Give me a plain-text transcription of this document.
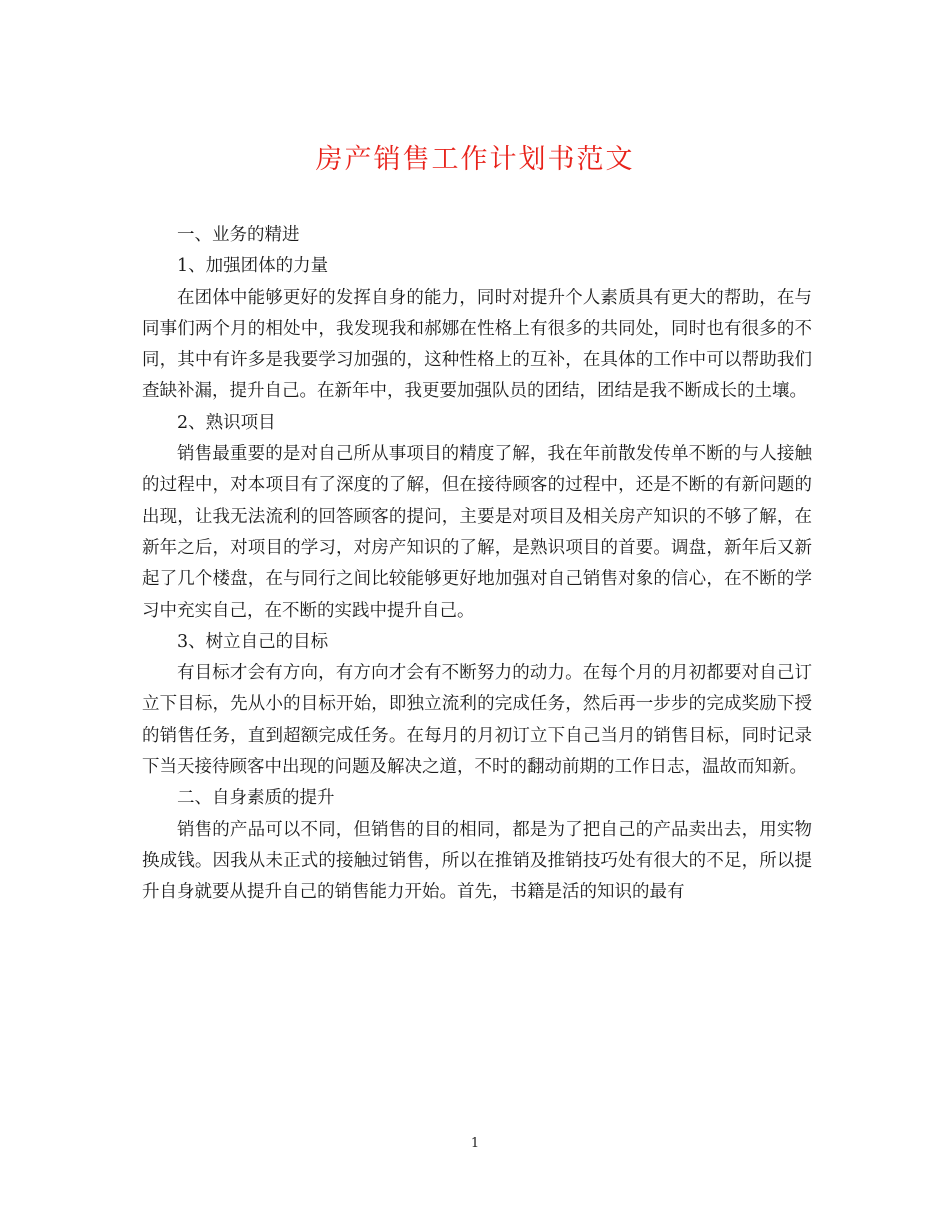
房产销售工作计划书范文

一、业务的精进

1、加强团体的力量

在团体中能够更好的发挥自身的能力，同时对提升个人素质具有更大的帮助，在与同事们两个月的相处中，我发现我和郝娜在性格上有很多的共同处，同时也有很多的不同，其中有许多是我要学习加强的，这种性格上的互补，在具体的工作中可以帮助我们查缺补漏，提升自己。在新年中，我更要加强队员的团结，团结是我不断成长的土壤。

2、熟识项目

销售最重要的是对自己所从事项目的精度了解，我在年前散发传单不断的与人接触的过程中，对本项目有了深度的了解，但在接待顾客的过程中，还是不断的有新问题的出现，让我无法流利的回答顾客的提问，主要是对项目及相关房产知识的不够了解，在新年之后，对项目的学习，对房产知识的了解，是熟识项目的首要。调盘，新年后又新起了几个楼盘，在与同行之间比较能够更好地加强对自己销售对象的信心，在不断的学习中充实自己，在不断的实践中提升自己。

3、树立自己的目标

有目标才会有方向，有方向才会有不断努力的动力。在每个月的月初都要对自己订立下目标，先从小的目标开始，即独立流利的完成任务，然后再一步步的完成奖励下授的销售任务，直到超额完成任务。在每月的月初订立下自己当月的销售目标，同时记录下当天接待顾客中出现的问题及解决之道，不时的翻动前期的工作日志，温故而知新。

二、自身素质的提升

销售的产品可以不同，但销售的目的相同，都是为了把自己的产品卖出去，用实物换成钱。因我从未正式的接触过销售，所以在推销及推销技巧处有很大的不足，所以提升自身就要从提升自己的销售能力开始。首先，书籍是活的知识的最有

1
